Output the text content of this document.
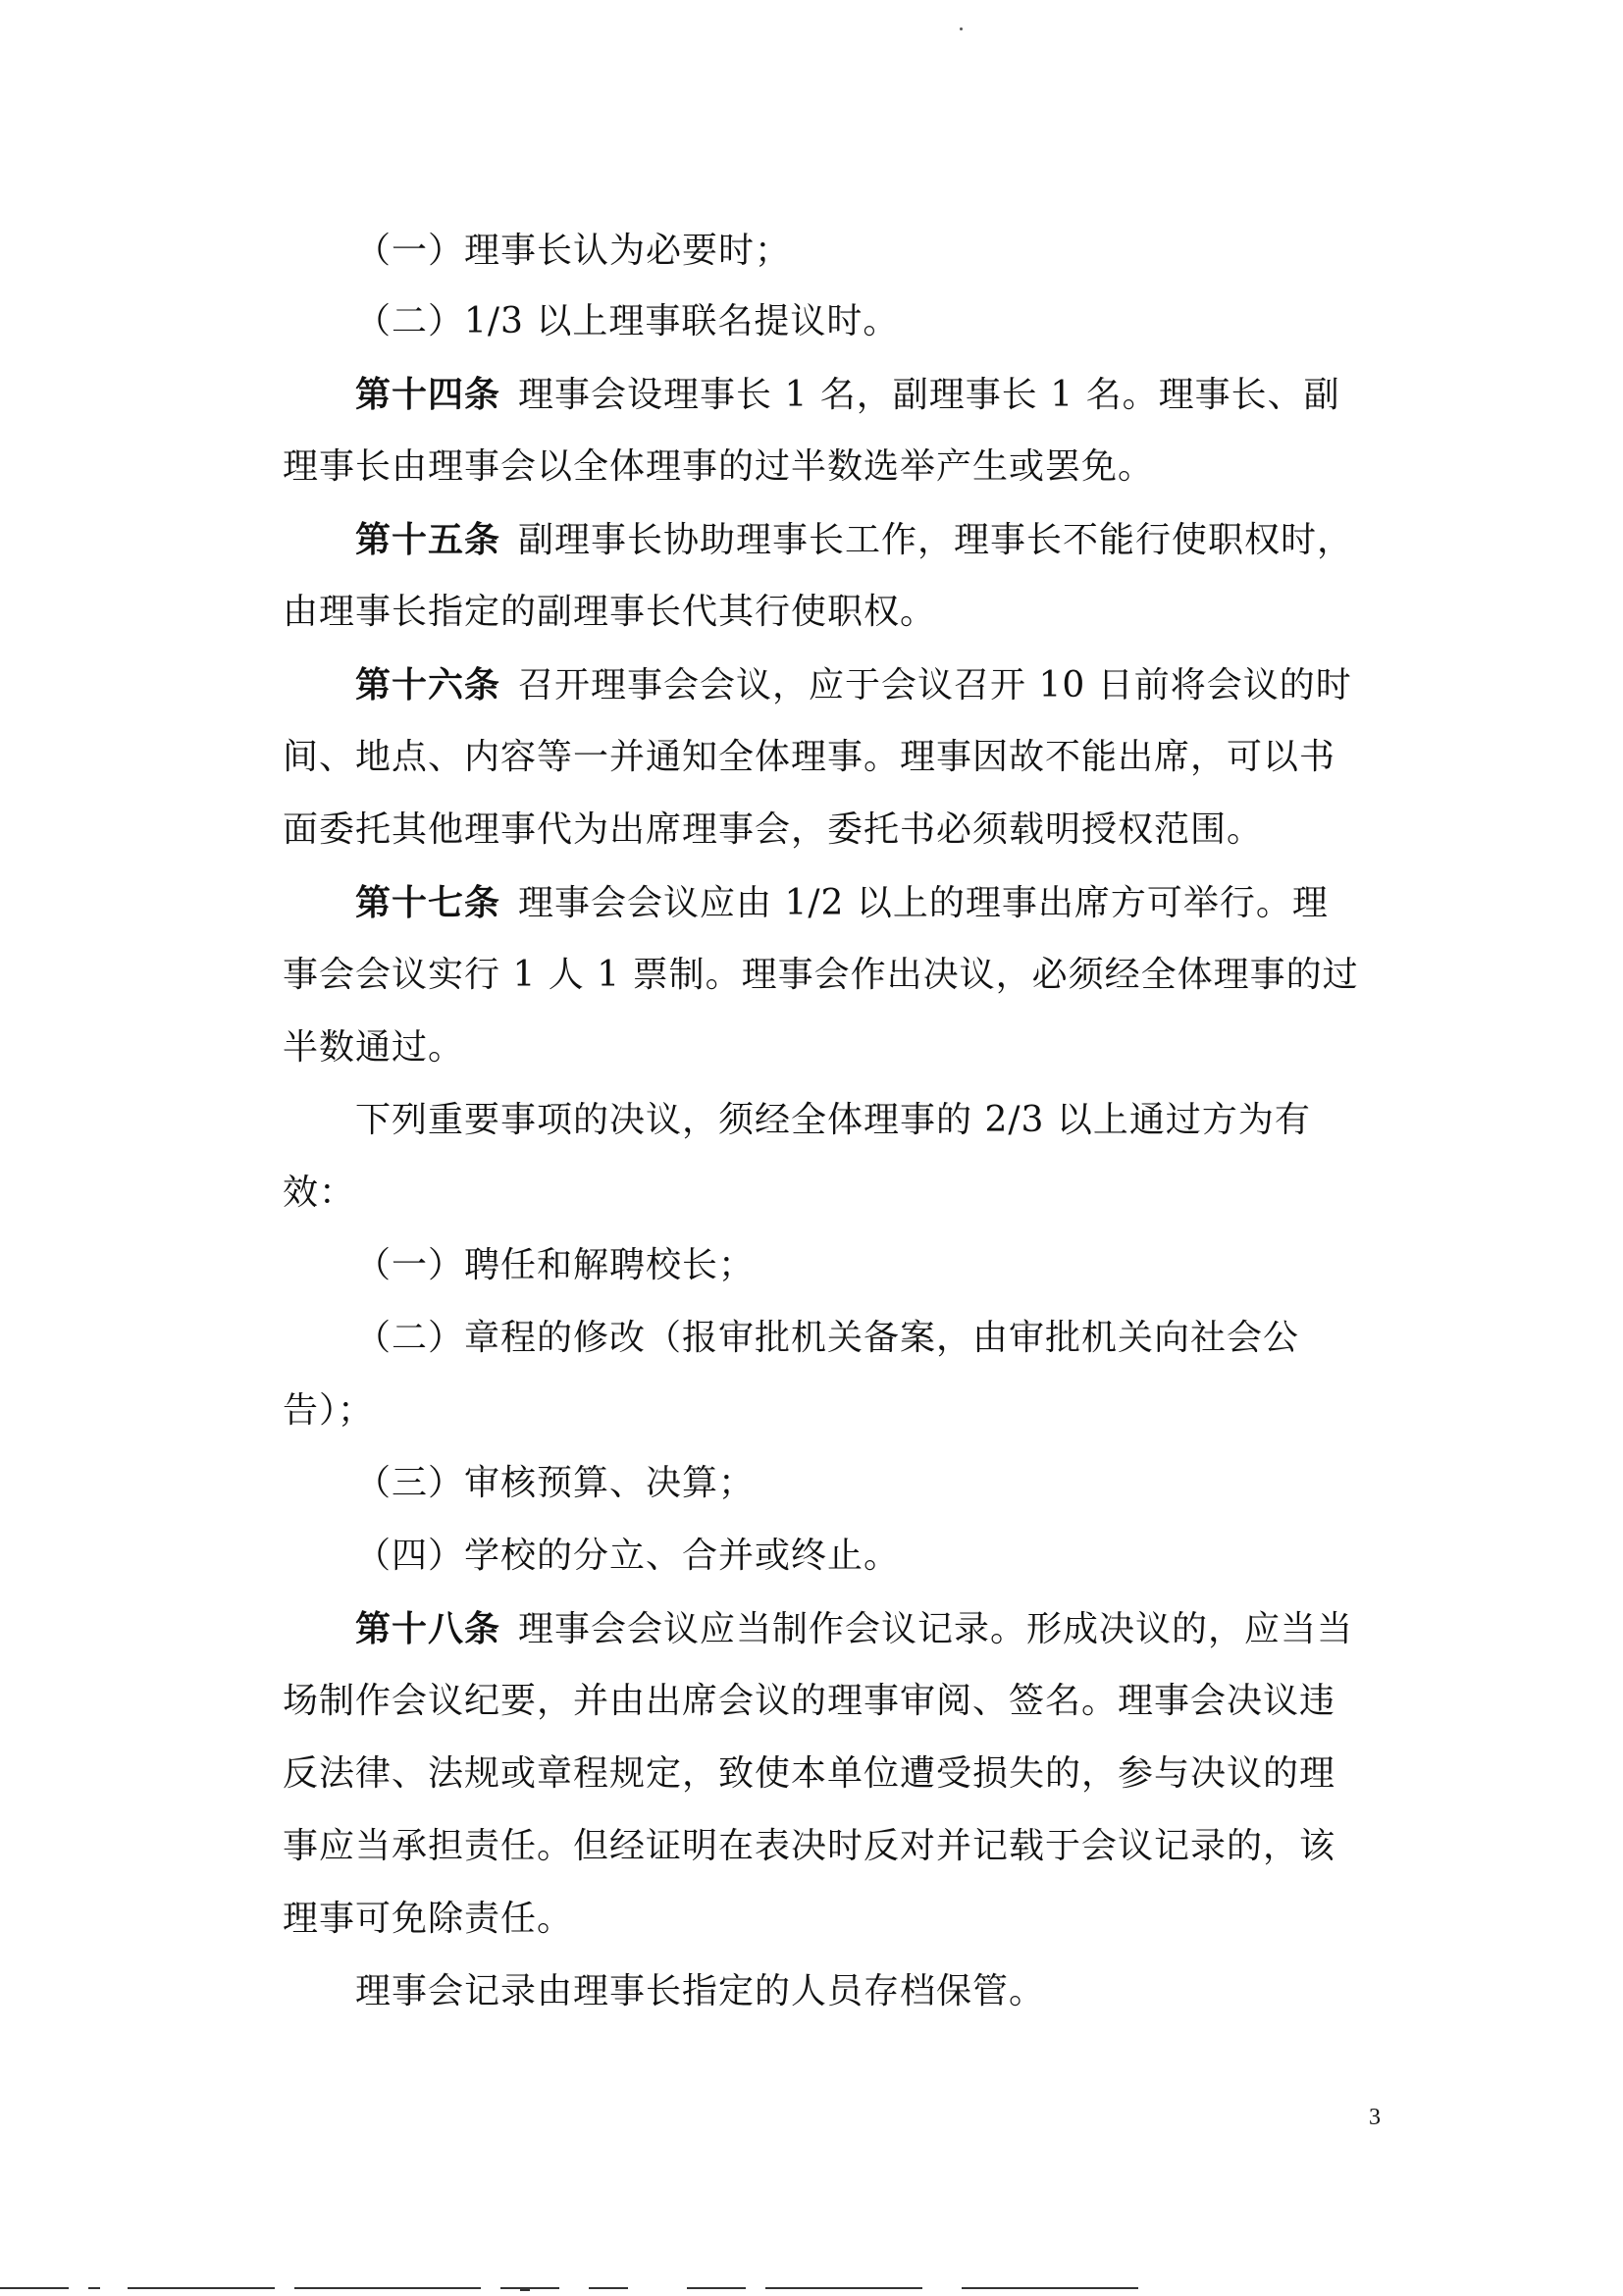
（一）理事长认为必要时；
（二）1/3 以上理事联名提议时。
第十四条 理事会设理事长 1 名，副理事长 1 名。理事长、副
理事长由理事会以全体理事的过半数选举产生或罢免。
第十五条 副理事长协助理事长工作，理事长不能行使职权时，
由理事长指定的副理事长代其行使职权。
第十六条 召开理事会会议，应于会议召开 10 日前将会议的时
间、地点、内容等一并通知全体理事。理事因故不能出席，可以书
面委托其他理事代为出席理事会，委托书必须载明授权范围。
第十七条 理事会会议应由 1/2 以上的理事出席方可举行。理
事会会议实行 1 人 1 票制。理事会作出决议，必须经全体理事的过
半数通过。
下列重要事项的决议，须经全体理事的 2/3 以上通过方为有
效：
（一）聘任和解聘校长；
（二）章程的修改（报审批机关备案，由审批机关向社会公
告）；
（三）审核预算、决算；
（四）学校的分立、合并或终止。
第十八条 理事会会议应当制作会议记录。形成决议的，应当当
场制作会议纪要，并由出席会议的理事审阅、签名。理事会决议违
反法律、法规或章程规定，致使本单位遭受损失的，参与决议的理
事应当承担责任。但经证明在表决时反对并记载于会议记录的，该
理事可免除责任。
理事会记录由理事长指定的人员存档保管。
3
